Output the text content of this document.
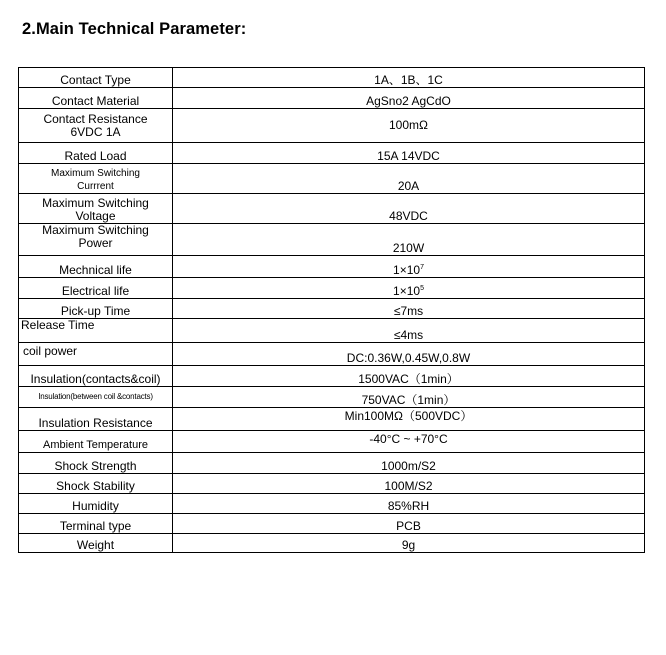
2.Main Technical Parameter:
Contact Type	1A、1B、1C
Contact Material	AgSno2 AgCdO
Contact Resistance
6VDC 1A	100mΩ
Rated Load	15A 14VDC
Maximum Switching
Currrent	20A
Maximum Switching
Voltage	48VDC
Maximum Switching
Power	210W
Mechnical life	$1\times 10^7$
Electrical life	$1\times 10^5$
Pick-up Time	≤7ms
Release Time	≤4ms
coil power	DC:0.36W,0.45W,0.8W
Insulation(contacts&coil)	1500VAC（1min）
Insulation(between coil &contacts)	750VAC（1min）
Insulation Resistance	Min100MΩ（500VDC）
Ambient Temperature	-40°C ~ +70°C
Shock Strength	1000m/S2
Shock Stability	100M/S2
Humidity	85%RH
Terminal type	PCB
Weight	9g
